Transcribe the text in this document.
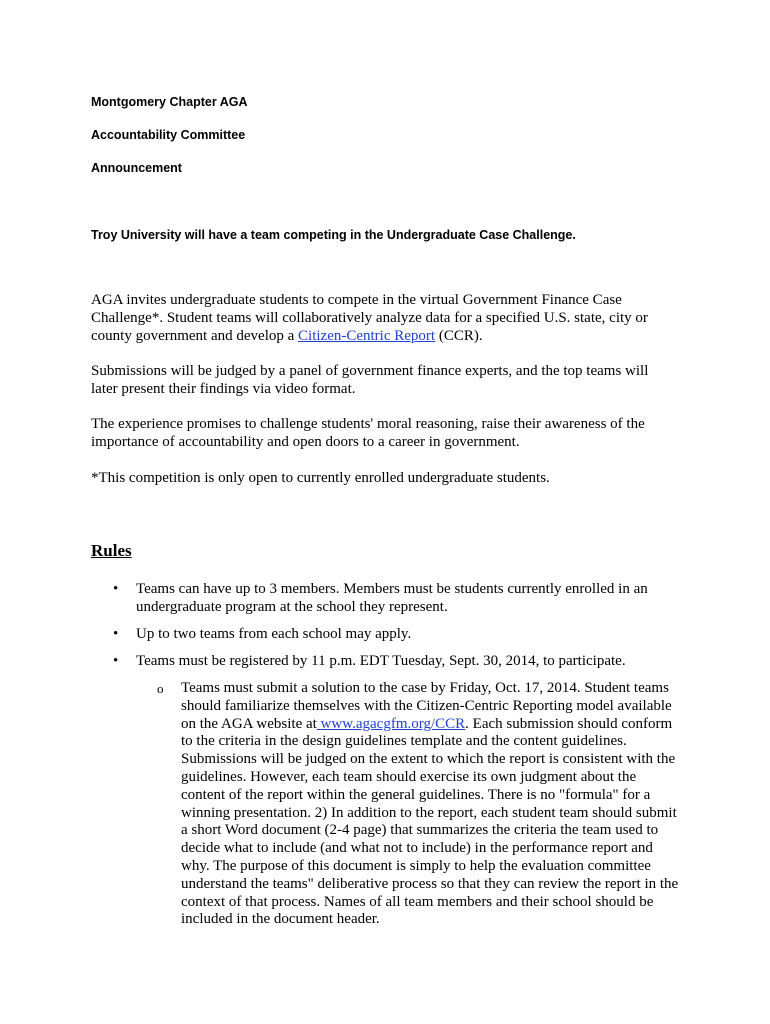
Montgomery Chapter AGA
Accountability Committee
Announcement
Troy University will have a team competing in the Undergraduate Case Challenge.
AGA invites undergraduate students to compete in the virtual Government Finance Case Challenge*. Student teams will collaboratively analyze data for a specified U.S. state, city or county government and develop a Citizen-Centric Report (CCR).
Submissions will be judged by a panel of government finance experts, and the top teams will later present their findings via video format.
The experience promises to challenge students' moral reasoning, raise their awareness of the importance of accountability and open doors to a career in government.
*This competition is only open to currently enrolled undergraduate students.
Rules
• Teams can have up to 3 members. Members must be students currently enrolled in an undergraduate program at the school they represent.
• Up to two teams from each school may apply.
• Teams must be registered by 11 p.m. EDT Tuesday, Sept. 30, 2014, to participate.
o Teams must submit a solution to the case by Friday, Oct. 17, 2014. Student teams should familiarize themselves with the Citizen-Centric Reporting model available on the AGA website at www.agacgfm.org/CCR. Each submission should conform to the criteria in the design guidelines template and the content guidelines. Submissions will be judged on the extent to which the report is consistent with the guidelines. However, each team should exercise its own judgment about the content of the report within the general guidelines. There is no "formula" for a winning presentation. 2) In addition to the report, each student team should submit a short Word document (2-4 page) that summarizes the criteria the team used to decide what to include (and what not to include) in the performance report and why. The purpose of this document is simply to help the evaluation committee understand the teams" deliberative process so that they can review the report in the context of that process. Names of all team members and their school should be included in the document header.
